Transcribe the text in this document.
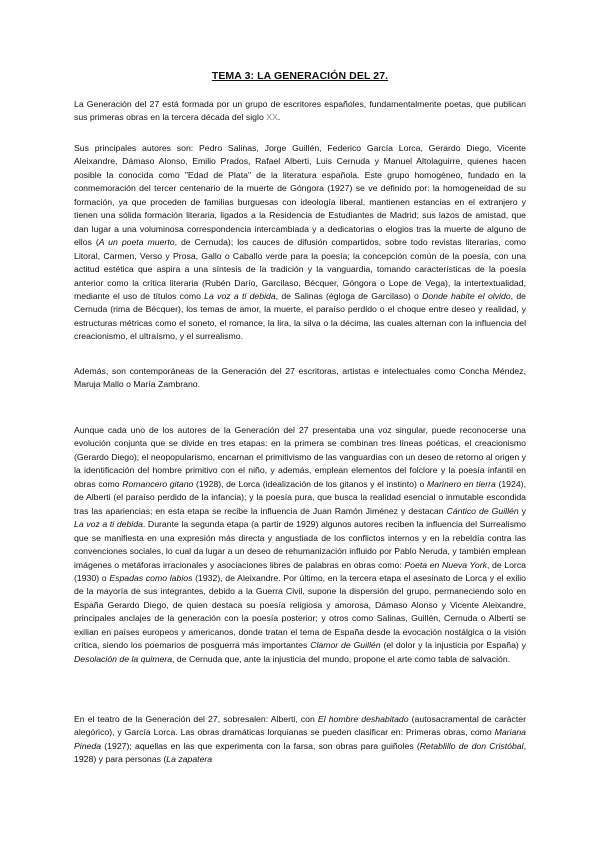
TEMA 3: LA GENERACIÓN DEL 27.

La Generación del 27 está formada por un grupo de escritores españoles, fundamentalmente poetas, que publican sus primeras obras en la tercera década del siglo XX.

Sus principales autores son: Pedro Salinas, Jorge Guillén, Federico García Lorca, Gerardo Diego, Vicente Aleixandre, Dámaso Alonso, Emilio Prados, Rafael Alberti, Luis Cernuda y Manuel Altolaguirre, quienes hacen posible la conocida como "Edad de Plata" de la literatura española. Este grupo homogéneo, fundado en la conmemoración del tercer centenario de la muerte de Góngora (1927) se ve definido por: la homogeneidad de su formación, ya que proceden de familias burguesas con ideología liberal, mantienen estancias en el extranjero y tienen una sólida formación literaria, ligados a la Residencia de Estudiantes de Madrid; sus lazos de amistad, que dan lugar a una voluminosa correspondencia intercambiada y a dedicatorias o elogios tras la muerte de alguno de ellos (A un poeta muerto, de Cernuda); los cauces de difusión compartidos, sobre todo revistas literarias, como Litoral, Carmen, Verso y Prosa, Gallo o Caballo verde para la poesía; la concepción común de la poesía, con una actitud estética que aspira a una síntesis de la tradición y la vanguardia, tomando características de la poesía anterior como la crítica literaria (Rubén Darío, Garcilaso, Bécquer, Góngora o Lope de Vega), la intertextualidad, mediante el uso de títulos como La voz a ti debida, de Salinas (égloga de Garcilaso) o Donde habite el olvido, de Cernuda (rima de Bécquer), los temas de amor, la muerte, el paraíso perdido o el choque entre deseo y realidad, y estructuras métricas como el soneto, el romance, la lira, la silva o la décima, las cuales alternan con la influencia del creacionismo, el ultraísmo, y el surrealismo.

Además, son contemporáneas de la Generación del 27 escritoras, artistas e intelectuales como Concha Méndez, Maruja Mallo o María Zambrano.

Aunque cada uno de los autores de la Generación del 27 presentaba una voz singular, puede reconocerse una evolución conjunta que se divide en tres etapas: en la primera se combinan tres líneas poéticas, el creacionismo (Gerardo Diego); el neopopularismo, encarnan el primitivismo de las vanguardias con un deseo de retorno al origen y la identificación del hombre primitivo con el niño, y además, emplean elementos del folclore y la poesía infantil en obras como Romancero gitano (1928), de Lorca (idealización de los gitanos y el instinto) o Marinero en tierra (1924), de Alberti (el paraíso perdido de la infancia); y la poesía pura, que busca la realidad esencial o inmutable escondida tras las apariencias; en esta etapa se recibe la influencia de Juan Ramón Jiménez y destacan Cántico de Guillén y La voz a ti debida. Durante la segunda etapa (a partir de 1929) algunos autores reciben la influencia del Surrealismo que se manifiesta en una expresión más directa y angustiada de los conflictos internos y en la rebeldía contra las convenciones sociales, lo cual da lugar a un deseo de rehumanización influido por Pablo Neruda, y también emplean imágenes o metáforas irracionales y asociaciones libres de palabras en obras como: Poeta en Nueva York, de Lorca (1930) o Espadas como labios (1932), de Aleixandre. Por último, en la tercera etapa el asesinato de Lorca y el exilio de la mayoría de sus integrantes, debido a la Guerra Civil, supone la dispersión del grupo, permaneciendo solo en España Gerardo Diego, de quien destaca su poesía religiosa y amorosa, Dámaso Alonso y Vicente Aleixandre, principales anclajes de la generación con la poesía posterior; y otros como Salinas, Guillén, Cernuda o Alberti se exilian en países europeos y americanos, donde tratan el tema de España desde la evocación nostálgica o la visión crítica, siendo los poemarios de posguerra más importantes Clamor de Guillén (el dolor y la injusticia por España) y Desolación de la quimera, de Cernuda que, ante la injusticia del mundo, propone el arte como tabla de salvación.

En el teatro de la Generación del 27, sobresalen: Alberti, con El hombre deshabitado (autosacramental de carácter alegórico), y García Lorca. Las obras dramáticas lorquianas se pueden clasificar en: Primeras obras, como Mariana Pineda (1927); aquellas en las que experimenta con la farsa, son obras para guiñoles (Retablillo de don Cristóbal, 1928) y para personas (La zapatera
